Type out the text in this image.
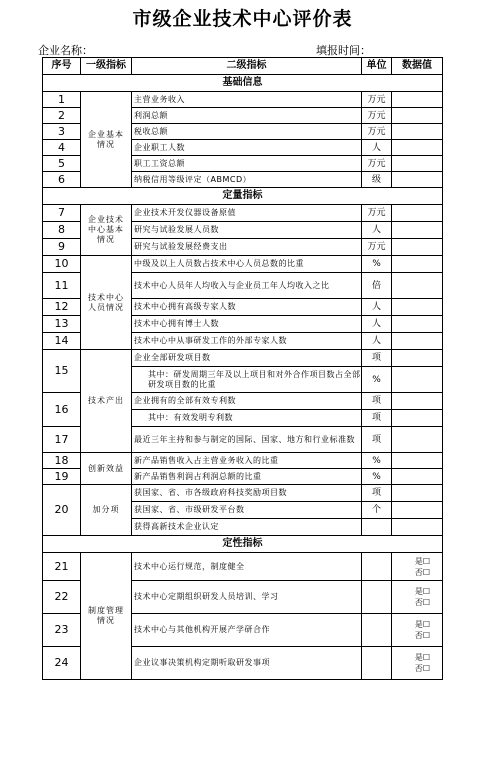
市级企业技术中心评价表
企业名称：	填报时间：
序号	一级指标	二级指标	单位	数据值
基础信息				
1	企业基本情况	主营业务收入	万元	
2		利润总额	万元	
3		税收总额	万元	
4		企业职工人数	人	
5		职工工资总额	万元	
6		纳税信用等级评定（ABMCD）	级	
定量指标				
7	企业技术中心基本情况	企业技术开发仪器设备原值	万元	
8		研究与试验发展人员数	人	
9		研究与试验发展经费支出	万元	
10	技术中心人员情况	中级及以上人员数占技术中心人员总数的比重	%	
11		技术中心人员年人均收入与企业员工年人均收入之比	倍	
12		技术中心拥有高级专家人数	人	
13		技术中心拥有博士人数	人	
14		技术中心中从事研发工作的外部专家人数	人	
15	技术产出	企业全部研发项目数	项	
		其中：研发周期三年及以上项目和对外合作项目数占全部研发项目数的比重	%	
16		企业拥有的全部有效专利数	项	
		其中：有效发明专利数	项	
17		最近三年主持和参与制定的国际、国家、地方和行业标准数	项	
18	创新效益	新产品销售收入占主营业务收入的比重	%	
19		新产品销售利润占利润总额的比重	%	
20	加分项	获国家、省、市各级政府科技奖励项目数	项	
		获国家、省、市级研发平台数	个	
		获得高新技术企业认定		
定性指标				
21	制度管理情况	技术中心运行规范，制度健全		是☐
否☐
22		技术中心定期组织研发人员培训、学习		是☐
否☐
23		技术中心与其他机构开展产学研合作		是☐
否☐
24		企业议事决策机构定期听取研发事项		是☐
否☐
